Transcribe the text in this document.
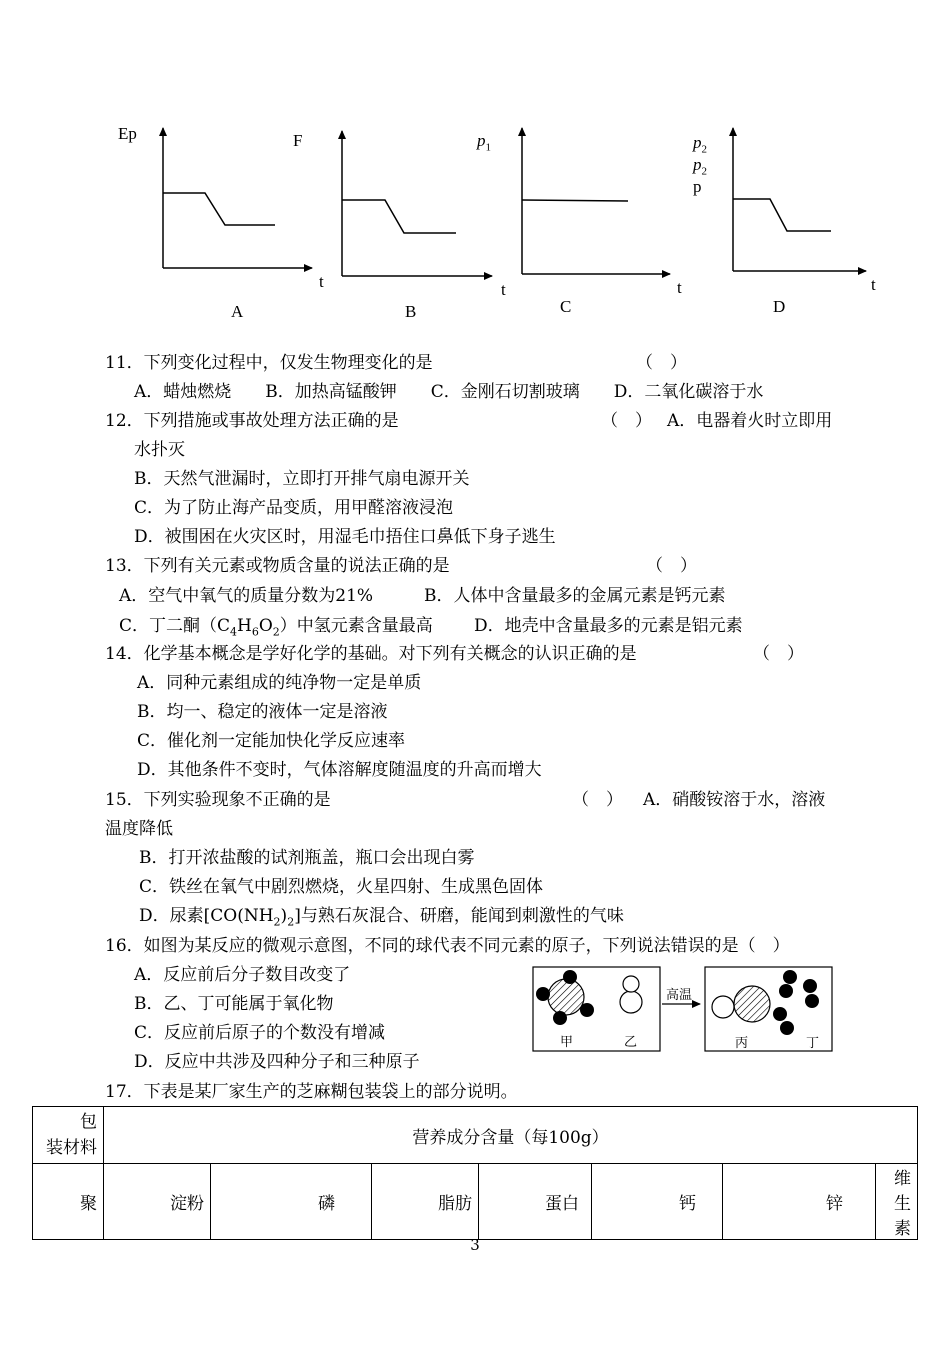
Ep
t
A
F
t
B
$p_1$
t
C
$p_2$
$p_2$
p
t
D
11．下列变化过程中，仅发生物理变化的是	（　）
A．蜡烛燃烧　　B．加热高锰酸钾　　C．金刚石切割玻璃　　D．二氧化碳溶于水
12．下列措施或事故处理方法正确的是	（　） A．电器着火时立即用
水扑灭
B．天然气泄漏时，立即打开排气扇电源开关
C．为了防止海产品变质，用甲醛溶液浸泡
D．被围困在火灾区时，用湿毛巾捂住口鼻低下身子逃生
13．下列有关元素或物质含量的说法正确的是	（　）
A．空气中氧气的质量分数为21%　　　B．人体中含量最多的金属元素是钙元素
C．丁二酮$(C_4H_6O_2)$中氢元素含量最高 D．地壳中含量最多的元素是铝元素
14．化学基本概念是学好化学的基础。对下列有关概念的认识正确的是	（　）
A．同种元素组成的纯净物一定是单质
B．均一、稳定的液体一定是溶液
C．催化剂一定能加快化学反应速率
D．其他条件不变时，气体溶解度随温度的升高而增大
15．下列实验现象不正确的是	（　） A．硝酸铵溶于水，溶液
温度降低
B．打开浓盐酸的试剂瓶盖，瓶口会出现白雾
C．铁丝在氧气中剧烈燃烧，火星四射、生成黑色固体
D．尿素$[CO(NH_2)_2]$与熟石灰混合、研磨，能闻到刺激性的气味
16．如图为某反应的微观示意图，不同的球代表不同元素的原子，下列说法错误的是（　）
A．反应前后分子数目改变了
B．乙、丁可能属于氧化物
C．反应前后原子的个数没有增减
D．反应中共涉及四种分子和三种原子
高温
甲	乙	丙	丁
17．下表是某厂家生产的芝麻糊包装袋上的部分说明。
包
装材料	营养成分含量（每100g）						
聚	淀粉	磷	脂肪	蛋白	钙	锌	维生素
3
